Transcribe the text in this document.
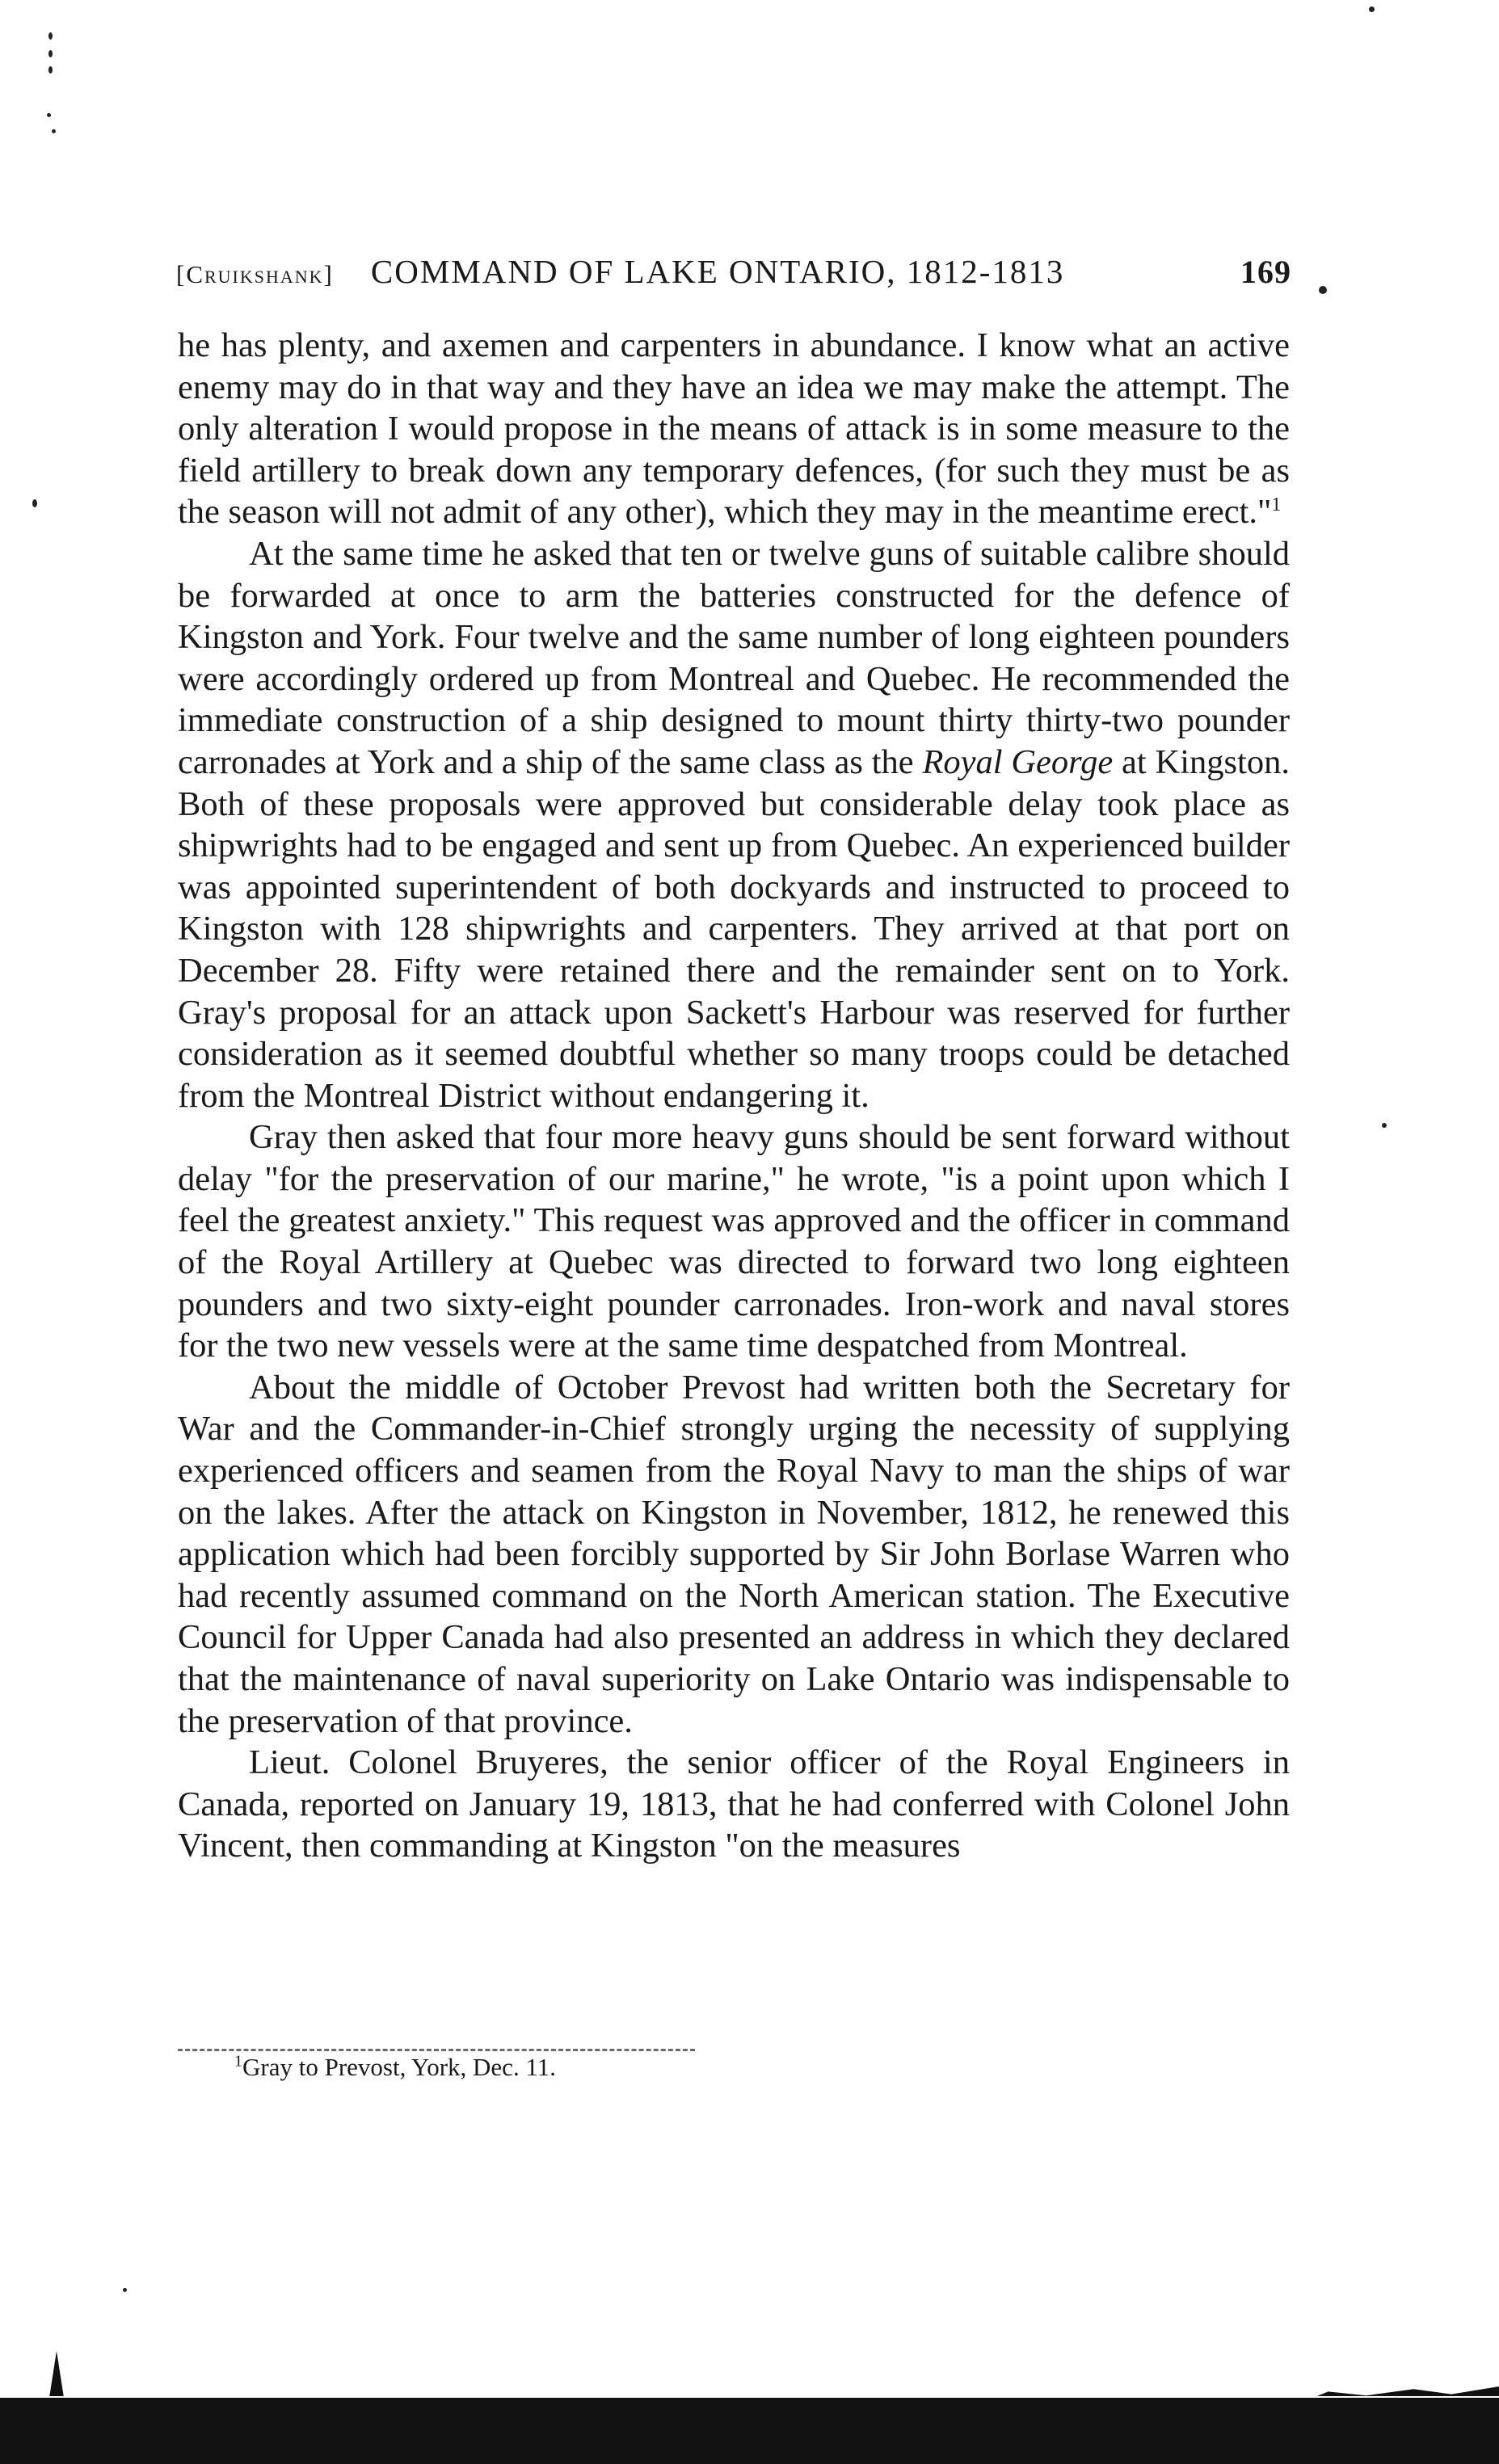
[Cruikshank] COMMAND OF LAKE ONTARIO, 1812-1813	169

he has plenty, and axemen and carpenters in abundance. I know what an active enemy may do in that way and they have an idea we may make the attempt. The only alteration I would propose in the means of attack is in some measure to the field artillery to break down any temporary defences, (for such they must be as the season will not admit of any other), which they may in the meantime erect."$^1$

At the same time he asked that ten or twelve guns of suitable calibre should be forwarded at once to arm the batteries constructed for the defence of Kingston and York. Four twelve and the same number of long eighteen pounders were accordingly ordered up from Montreal and Quebec. He recommended the immediate construction of a ship designed to mount thirty thirty-two pounder carronades at York and a ship of the same class as the Royal George at Kingston. Both of these proposals were approved but considerable delay took place as shipwrights had to be engaged and sent up from Quebec. An experienced builder was appointed superintendent of both dockyards and instructed to proceed to Kingston with 128 shipwrights and carpenters. They arrived at that port on December 28. Fifty were retained there and the remainder sent on to York. Gray's proposal for an attack upon Sackett's Harbour was reserved for further consideration as it seemed doubtful whether so many troops could be detached from the Montreal District without endangering it.

Gray then asked that four more heavy guns should be sent forward without delay "for the preservation of our marine," he wrote, "is a point upon which I feel the greatest anxiety." This request was approved and the officer in command of the Royal Artillery at Quebec was directed to forward two long eighteen pounders and two sixty-eight pounder carronades. Iron-work and naval stores for the two new vessels were at the same time despatched from Montreal.

About the middle of October Prevost had written both the Secretary for War and the Commander-in-Chief strongly urging the necessity of supplying experienced officers and seamen from the Royal Navy to man the ships of war on the lakes. After the attack on Kingston in November, 1812, he renewed this application which had been forcibly supported by Sir John Borlase Warren who had recently assumed command on the North American station. The Executive Council for Upper Canada had also presented an address in which they declared that the maintenance of naval superiority on Lake Ontario was indispensable to the preservation of that province.

Lieut. Colonel Bruyeres, the senior officer of the Royal Engineers in Canada, reported on January 19, 1813, that he had conferred with Colonel John Vincent, then commanding at Kingston "on the measures

$^1$Gray to Prevost, York, Dec. 11.
